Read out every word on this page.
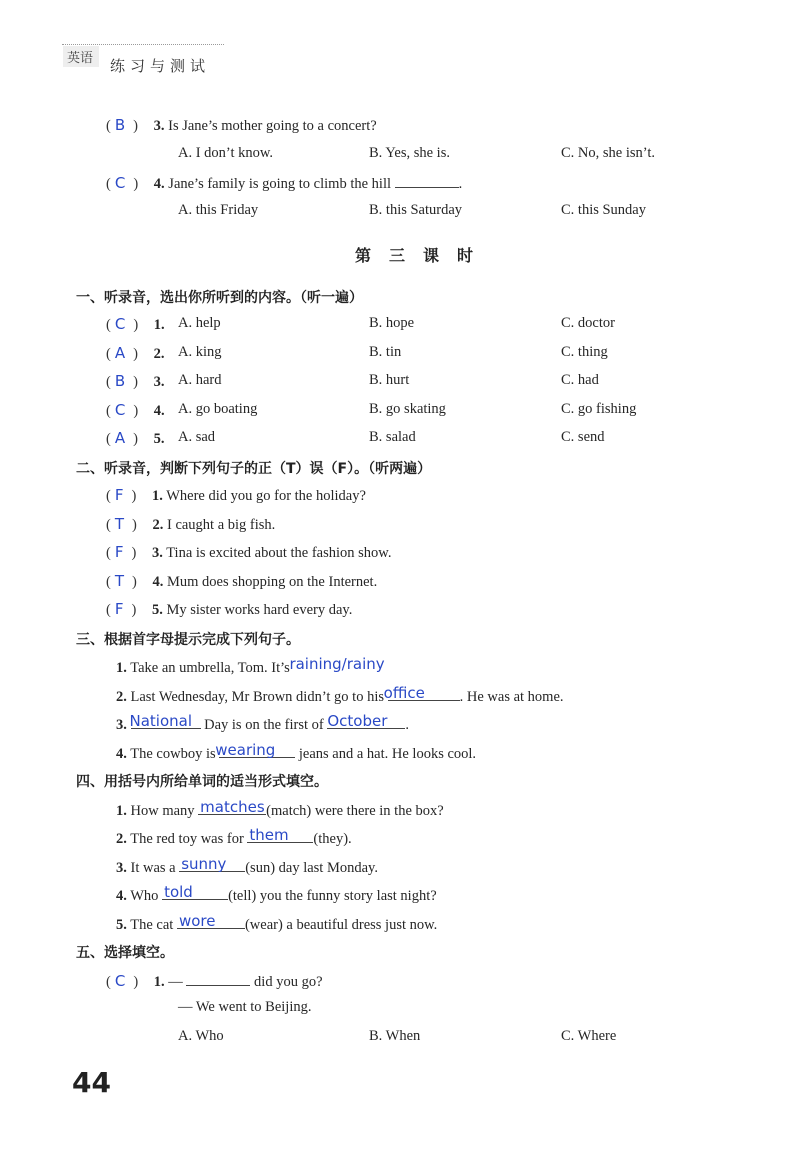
英语 练习与测试
( B ) 3. Is Jane’s mother going to a concert?
A. I don’t know.	B. Yes, she is.	C. No, she isn’t.
( C ) 4. Jane’s family is going to climb the hill	.
A. this Friday	B. this Saturday	C. this Sunday
第三课时
一、听录音，选出你所听到的内容。（听一遍）
( C ) 1. A. help	B. hope	C. doctor
( A ) 2. A. king	B. tin	C. thing
( B ) 3. A. hard	B. hurt	C. had
( C ) 4. A. go boating	B. go skating	C. go fishing
( A ) 5. A. sad	B. salad	C. send
二、听录音，判断下列句子的正（T）误（F）。（听两遍）
( F ) 1. Where did you go for the holiday?
( T ) 2. I caught a big fish.
( F ) 3. Tina is excited about the fashion show.
( T ) 4. Mum does shopping on the Internet.
( F ) 5. My sister works hard every day.
三、根据首字母提示完成下列句子。
1. Take an umbrella, Tom. It’s raining/rainy
2. Last Wednesday, Mr Brown didn’t go to his office . He was at home.
3. National Day is on the first of October .
4. The cowboy is wearing jeans and a hat. He looks cool.
四、用括号内所给单词的适当形式填空。
1. How many matches (match) were there in the box?
2. The red toy was for them (they).
3. It was a sunny (sun) day last Monday.
4. Who told (tell) you the funny story last night?
5. The cat wore (wear) a beautiful dress just now.
五、选择填空。
( C ) 1. —	did you go?
— We went to Beijing.
A. Who	B. When	C. Where
44
